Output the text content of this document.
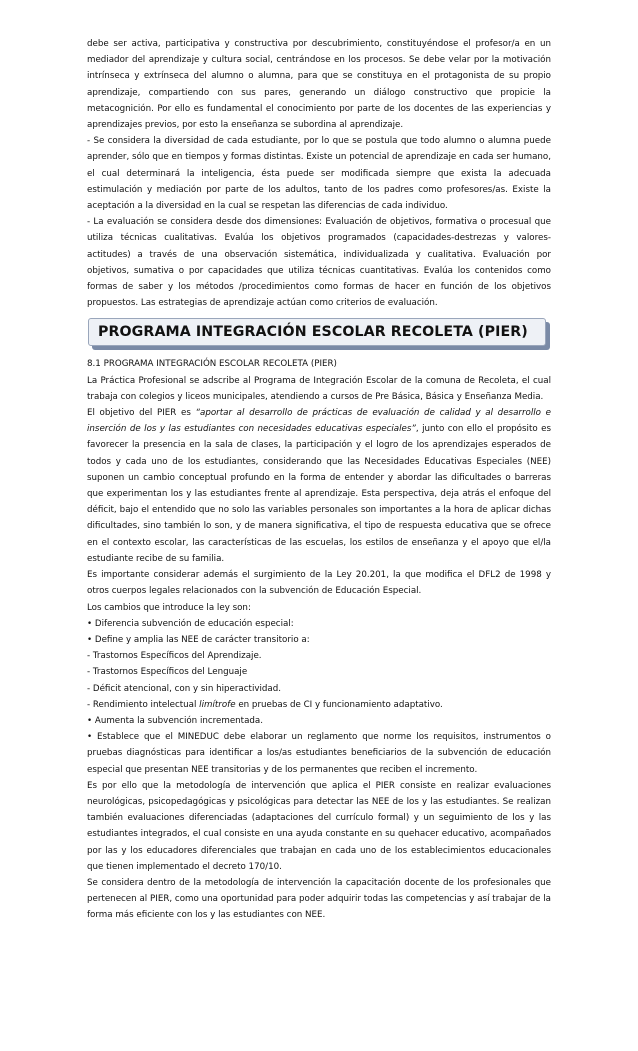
debe ser activa, participativa y constructiva por descubrimiento, constituyéndose el profesor/a en un mediador del aprendizaje y cultura social, centrándose en los procesos. Se debe velar por la motivación intrínseca y extrínseca del alumno o alumna, para que se constituya en el protagonista de su propio aprendizaje, compartiendo con sus pares, generando un diálogo constructivo que propicie la metacognición. Por ello es fundamental el conocimiento por parte de los docentes de las experiencias y aprendizajes previos, por esto la enseñanza se subordina al aprendizaje.

- Se considera la diversidad de cada estudiante, por lo que se postula que todo alumno o alumna puede aprender, sólo que en tiempos y formas distintas. Existe un potencial de aprendizaje en cada ser humano, el cual determinará la inteligencia, ésta puede ser modificada siempre que exista la adecuada estimulación y mediación por parte de los adultos, tanto de los padres como profesores/as. Existe la aceptación a la diversidad en la cual se respetan las diferencias de cada individuo.

- La evaluación se considera desde dos dimensiones: Evaluación de objetivos, formativa o procesual que utiliza técnicas cualitativas. Evalúa los objetivos programados (capacidades-destrezas y valores-actitudes) a través de una observación sistemática, individualizada y cualitativa. Evaluación por objetivos, sumativa o por capacidades que utiliza técnicas cuantitativas. Evalúa los contenidos como formas de saber y los métodos /procedimientos como formas de hacer en función de los objetivos propuestos. Las estrategias de aprendizaje actúan como criterios de evaluación.

PROGRAMA INTEGRACIÓN ESCOLAR RECOLETA (PIER)

8.1 PROGRAMA INTEGRACIÓN ESCOLAR RECOLETA (PIER)

La Práctica Profesional se adscribe al Programa de Integración Escolar de la comuna de Recoleta, el cual trabaja con colegios y liceos municipales, atendiendo a cursos de Pre Básica, Básica y Enseñanza Media.

El objetivo del PIER es “aportar al desarrollo de prácticas de evaluación de calidad y al desarrollo e inserción de los y las estudiantes con necesidades educativas especiales”, junto con ello el propósito es favorecer la presencia en la sala de clases, la participación y el logro de los aprendizajes esperados de todos y cada uno de los estudiantes, considerando que las Necesidades Educativas Especiales (NEE) suponen un cambio conceptual profundo en la forma de entender y abordar las dificultades o barreras que experimentan los y las estudiantes frente al aprendizaje. Esta perspectiva, deja atrás el enfoque del déficit, bajo el entendido que no solo las variables personales son importantes a la hora de aplicar dichas dificultades, sino también lo son, y de manera significativa, el tipo de respuesta educativa que se ofrece en el contexto escolar, las características de las escuelas, los estilos de enseñanza y el apoyo que el/la estudiante recibe de su familia.

Es importante considerar además el surgimiento de la Ley 20.201, la que modifica el DFL2 de 1998 y otros cuerpos legales relacionados con la subvención de Educación Especial.

Los cambios que introduce la ley son:

• Diferencia subvención de educación especial:

• Define y amplia las NEE de carácter transitorio a:

- Trastornos Específicos del Aprendizaje.

- Trastornos Específicos del Lenguaje

- Déficit atencional, con y sin hiperactividad.

- Rendimiento intelectual limítrofe en pruebas de CI y funcionamiento adaptativo.

• Aumenta la subvención incrementada.

• Establece que el MINEDUC debe elaborar un reglamento que norme los requisitos, instrumentos o pruebas diagnósticas para identificar a los/as estudiantes beneficiarios de la subvención de educación especial que presentan NEE transitorias y de los permanentes que reciben el incremento.

Es por ello que la metodología de intervención que aplica el PIER consiste en realizar evaluaciones neurológicas, psicopedagógicas y psicológicas para detectar las NEE de los y las estudiantes. Se realizan también evaluaciones diferenciadas (adaptaciones del currículo formal) y un seguimiento de los y las estudiantes integrados, el cual consiste en una ayuda constante en su quehacer educativo, acompañados por las y los educadores diferenciales que trabajan en cada uno de los establecimientos educacionales que tienen implementado el decreto 170/10.

Se considera dentro de la metodología de intervención la capacitación docente de los profesionales que pertenecen al PIER, como una oportunidad para poder adquirir todas las competencias y así trabajar de la forma más eficiente con los y las estudiantes con NEE.
